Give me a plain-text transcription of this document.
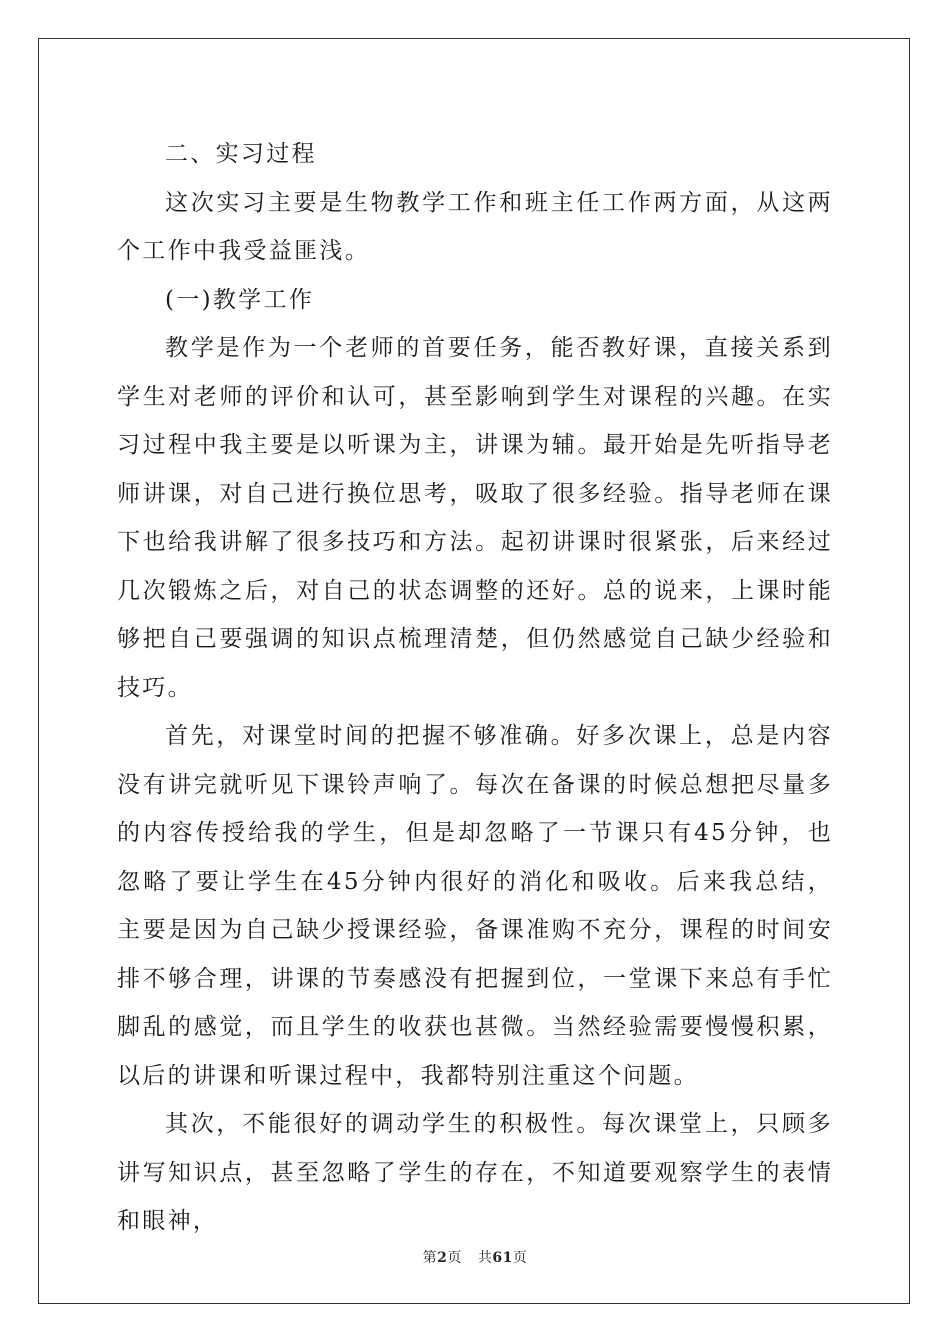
二、实习过程

这次实习主要是生物教学工作和班主任工作两方面，从这两个工作中我受益匪浅。

(一)教学工作

教学是作为一个老师的首要任务，能否教好课，直接关系到学生对老师的评价和认可，甚至影响到学生对课程的兴趣。在实习过程中我主要是以听课为主，讲课为辅。最开始是先听指导老师讲课，对自己进行换位思考，吸取了很多经验。指导老师在课下也给我讲解了很多技巧和方法。起初讲课时很紧张，后来经过几次锻炼之后，对自己的状态调整的还好。总的说来，上课时能够把自己要强调的知识点梳理清楚，但仍然感觉自己缺少经验和技巧。

首先，对课堂时间的把握不够准确。好多次课上，总是内容没有讲完就听见下课铃声响了。每次在备课的时候总想把尽量多的内容传授给我的学生，但是却忽略了一节课只有45分钟，也忽略了要让学生在45分钟内很好的消化和吸收。后来我总结，主要是因为自己缺少授课经验，备课准购不充分，课程的时间安排不够合理，讲课的节奏感没有把握到位，一堂课下来总有手忙脚乱的感觉，而且学生的收获也甚微。当然经验需要慢慢积累，以后的讲课和听课过程中，我都特别注重这个问题。

其次，不能很好的调动学生的积极性。每次课堂上，只顾多讲写知识点，甚至忽略了学生的存在，不知道要观察学生的表情和眼神，

第2页 共61页
